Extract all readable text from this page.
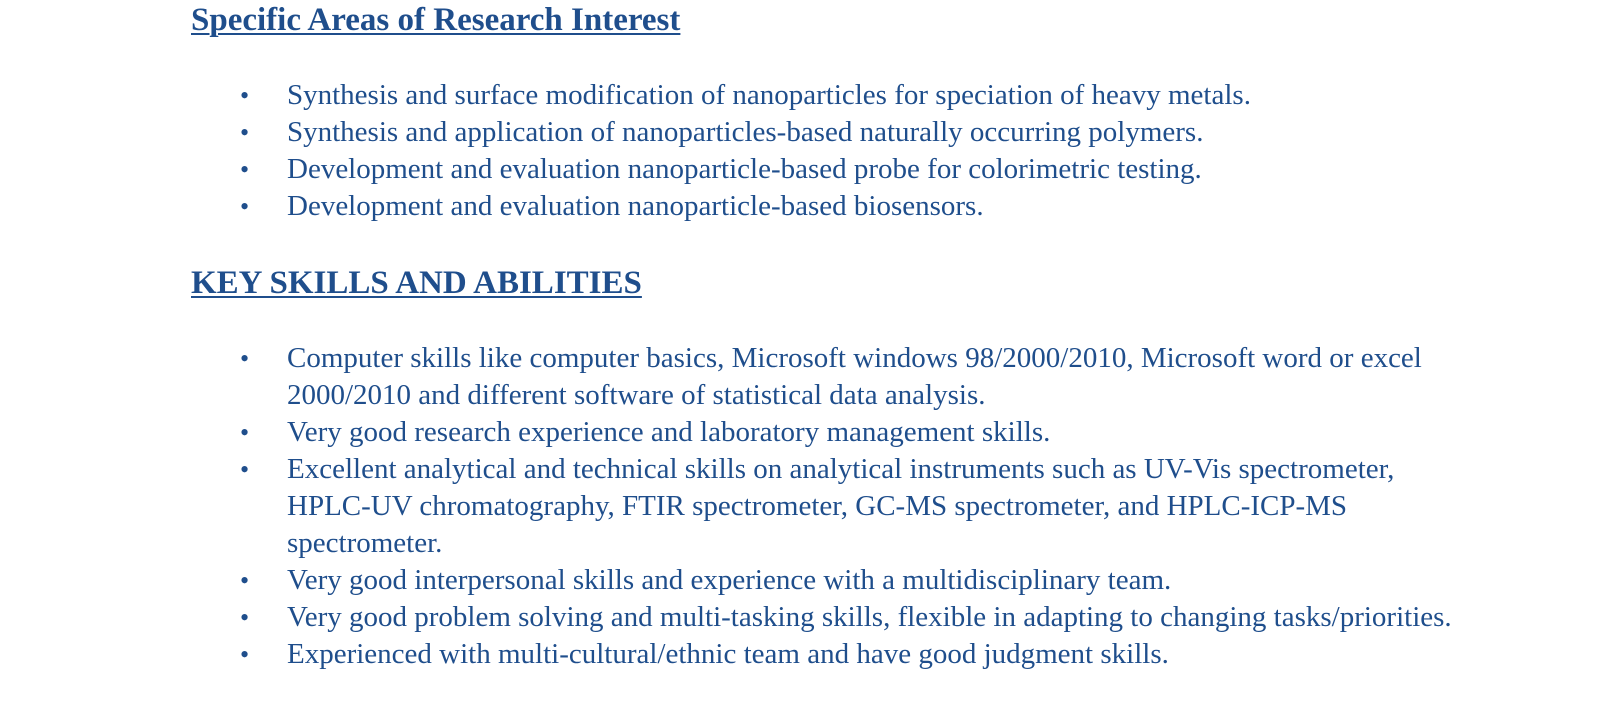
Specific Areas of Research Interest
• Synthesis and surface modification of nanoparticles for speciation of heavy metals.
• Synthesis and application of nanoparticles-based naturally occurring polymers.
• Development and evaluation nanoparticle-based probe for colorimetric testing.
• Development and evaluation nanoparticle-based biosensors.
KEY SKILLS AND ABILITIES
• Computer skills like computer basics, Microsoft windows 98/2000/2010, Microsoft word or excel 2000/2010 and different software of statistical data analysis.
• Very good research experience and laboratory management skills.
• Excellent analytical and technical skills on analytical instruments such as UV-Vis spectrometer, HPLC-UV chromatography, FTIR spectrometer, GC-MS spectrometer, and HPLC-ICP-MS spectrometer.
• Very good interpersonal skills and experience with a multidisciplinary team.
• Very good problem solving and multi-tasking skills, flexible in adapting to changing tasks/priorities.
• Experienced with multi-cultural/ethnic team and have good judgment skills.
